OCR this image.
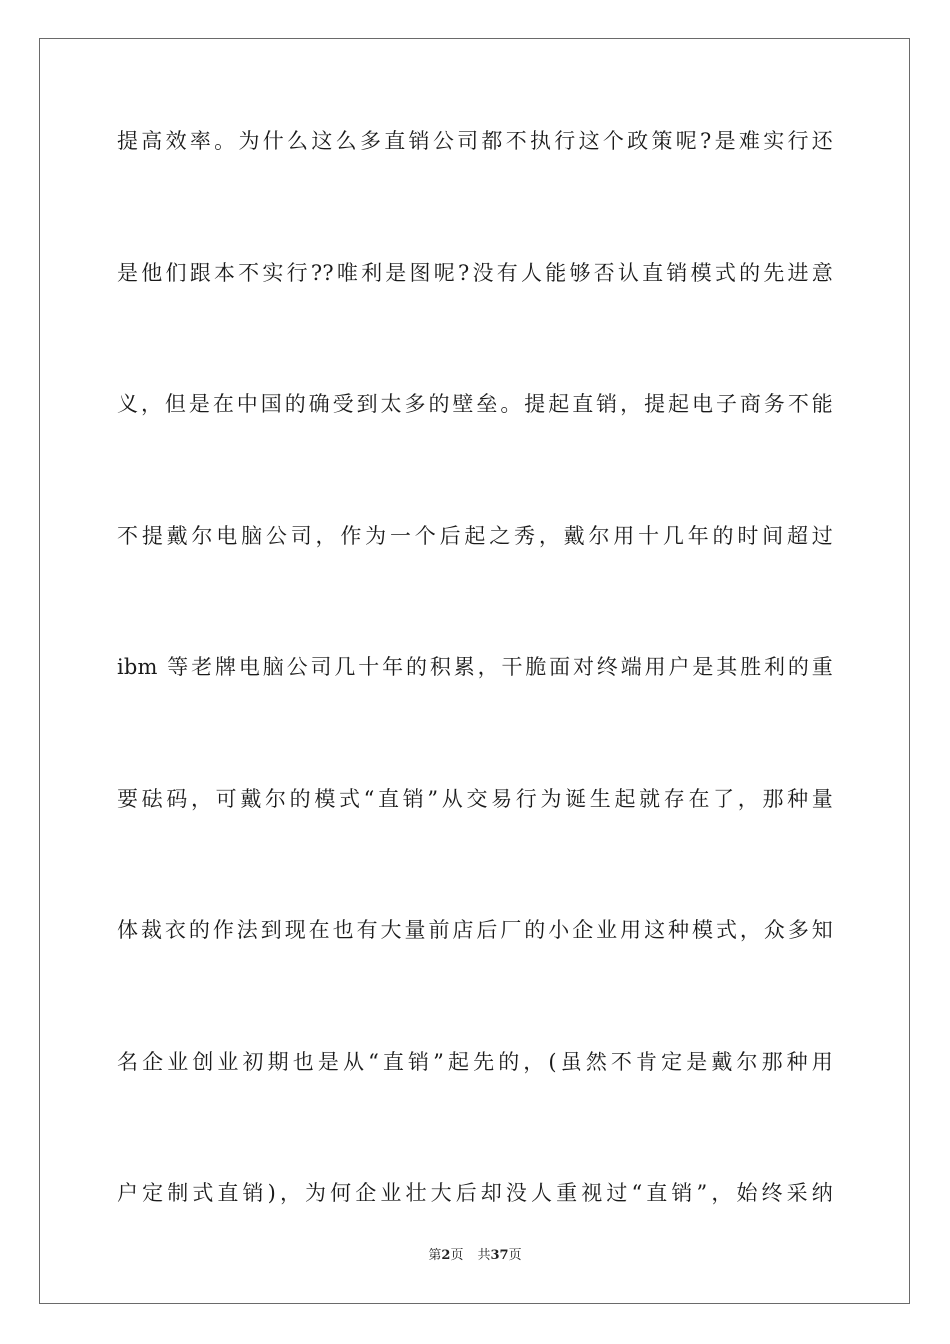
提高效率。为什么这么多直销公司都不执行这个政策呢?是难实行还
是他们跟本不实行??唯利是图呢?没有人能够否认直销模式的先进意
义，但是在中国的确受到太多的壁垒。提起直销，提起电子商务不能
不提戴尔电脑公司，作为一个后起之秀，戴尔用十几年的时间超过
ibm 等老牌电脑公司几十年的积累，干脆面对终端用户是其胜利的重
要砝码，可戴尔的模式“直销”从交易行为诞生起就存在了，那种量
体裁衣的作法到现在也有大量前店后厂的小企业用这种模式，众多知
名企业创业初期也是从“直销”起先的，(虽然不肯定是戴尔那种用
户定制式直销)，为何企业壮大后却没人重视过“直销”，始终采纳
第2页 共37页
